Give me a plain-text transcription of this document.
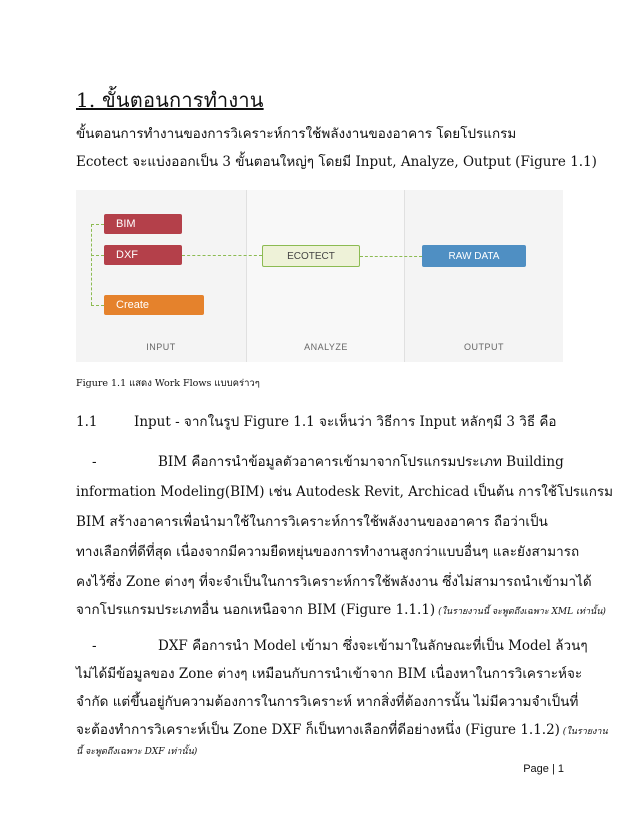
1. ขั้นตอนการทำงาน
ขั้นตอนการทำงานของการวิเคราะห์การใช้พลังงานของอาคาร โดยโปรแกรม
Ecotect จะแบ่งออกเป็น 3 ขั้นตอนใหญ่ๆ โดยมี Input, Analyze, Output (Figure 1.1)
INPUT	ANALYZE	OUTPUT
BIM
DXF
Create
ECOTECT	RAW DATA
Figure 1.1 แสดง Work Flows แบบคร่าวๆ
1.1	Input - จากในรูป Figure 1.1 จะเห็นว่า วิธีการ Input หลักๆมี 3 วิธี คือ
-	BIM คือการนำข้อมูลตัวอาคารเข้ามาจากโปรแกรมประเภท Building
information Modeling(BIM) เช่น Autodesk Revit, Archicad เป็นต้น การใช้โปรแกรม
BIM สร้างอาคารเพื่อนำมาใช้ในการวิเคราะห์การใช้พลังงานของอาคาร ถือว่าเป็น
ทางเลือกที่ดีที่สุด เนื่องจากมีความยืดหยุ่นของการทำงานสูงกว่าแบบอื่นๆ และยังสามารถ
คงไว้ซึ่ง Zone ต่างๆ ที่จะจำเป็นในการวิเคราะห์การใช้พลังงาน ซึ่งไม่สามารถนำเข้ามาได้
จากโปรแกรมประเภทอื่น นอกเหนือจาก BIM (Figure 1.1.1) (ในรายงานนี้ จะพูดถึงเฉพาะ XML เท่านั้น)
-	DXF คือการนำ Model เข้ามา ซึ่งจะเข้ามาในลักษณะที่เป็น Model ล้วนๆ
ไม่ได้มีข้อมูลของ Zone ต่างๆ เหมือนกับการนำเข้าจาก BIM เนื่องหาในการวิเคราะห์จะ
จำกัด แต่ขึ้นอยู่กับความต้องการในการวิเคราะห์ หากสิ่งที่ต้องการนั้น ไม่มีความจำเป็นที่
จะต้องทำการวิเคราะห์เป็น Zone DXF ก็เป็นทางเลือกที่ดีอย่างหนึ่ง (Figure 1.1.2) (ในรายงาน
นี้ จะพูดถึงเฉพาะ DXF เท่านั้น)
Page | 1
